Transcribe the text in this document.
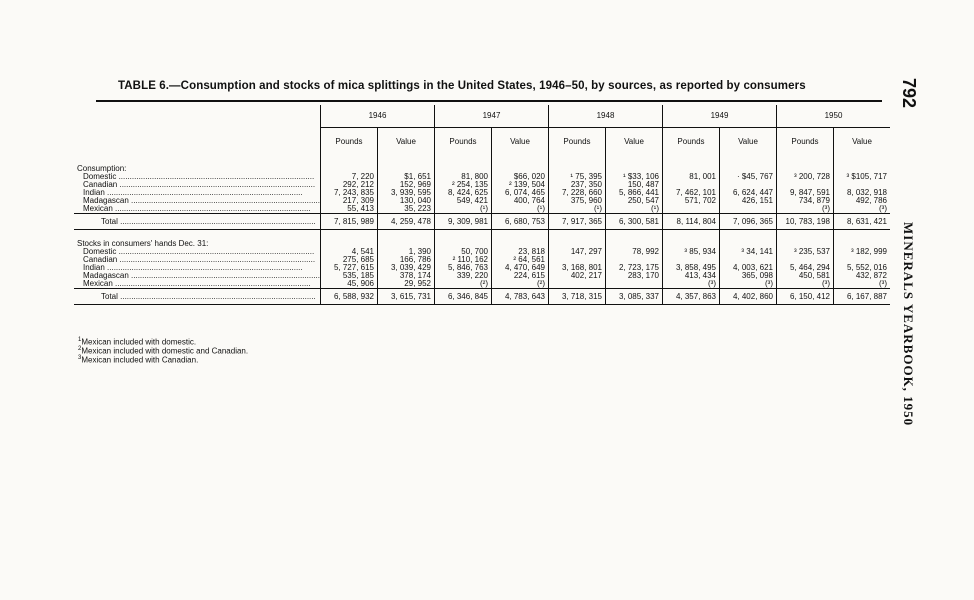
TABLE 6.—Consumption and stocks of mica splittings in the United States, 1946–50, by sources, as reported by consumers	792
MINERALS YEARBOOK, 1950
	1946		1947		1948		1949		1950	
	Pounds	Value	Pounds	Value	Pounds	Value	Pounds	Value	Pounds	Value
Consumption:										
Domestic .....	7, 220	$1, 651	81, 800	$66, 020	¹ 75, 395	¹ $33, 106	81, 001	· $45, 767	³ 200, 728	³ $105, 717
Canadian .....	292, 212	152, 969	² 254, 135	² 139, 504	237, 350	150, 487				
Indian .....	7, 243, 835	3, 939, 595	8, 424, 625	6, 074, 465	7, 228, 660	5, 866, 441	7, 462, 101	6, 624, 447	9, 847, 591	8, 032, 918
Madagascan .....	217, 309	130, 040	549, 421	400, 764	375, 960	250, 547	571, 702	426, 151	734, 879	492, 786
Mexican .....	55, 413	35, 223	(¹)	(¹)	(¹)	(¹)			(³)	(³)
Total .....	7, 815, 989	4, 259, 478	9, 309, 981	6, 680, 753	7, 917, 365	6, 300, 581	8, 114, 804	7, 096, 365	10, 783, 198	8, 631, 421
Stocks in consumers' hands Dec. 31:										
Domestic .....	4, 541	1, 390	50, 700	23, 818	147, 297	78, 992	³ 85, 934	³ 34, 141	³ 235, 537	³ 182, 999
Canadian .....	275, 685	166, 786	² 110, 162	² 64, 561						
Indian .....	5, 727, 615	3, 039, 429	5, 846, 763	4, 470, 649	3, 168, 801	2, 723, 175	3, 858, 495	4, 003, 621	5, 464, 294	5, 552, 016
Madagascan .....	535, 185	378, 174	339, 220	224, 615	402, 217	283, 170	413, 434	365, 098	450, 581	432, 872
Mexican .....	45, 906	29, 952	(²)	(²)			(³)	(³)	(³)	(³)
Total .....	6, 588, 932	3, 615, 731	6, 346, 845	4, 783, 643	3, 718, 315	3, 085, 337	4, 357, 863	4, 402, 860	6, 150, 412	6, 167, 887
$^1$Mexican included with domestic.
$^2$Mexican included with domestic and Canadian.
$^3$Mexican included with Canadian.
